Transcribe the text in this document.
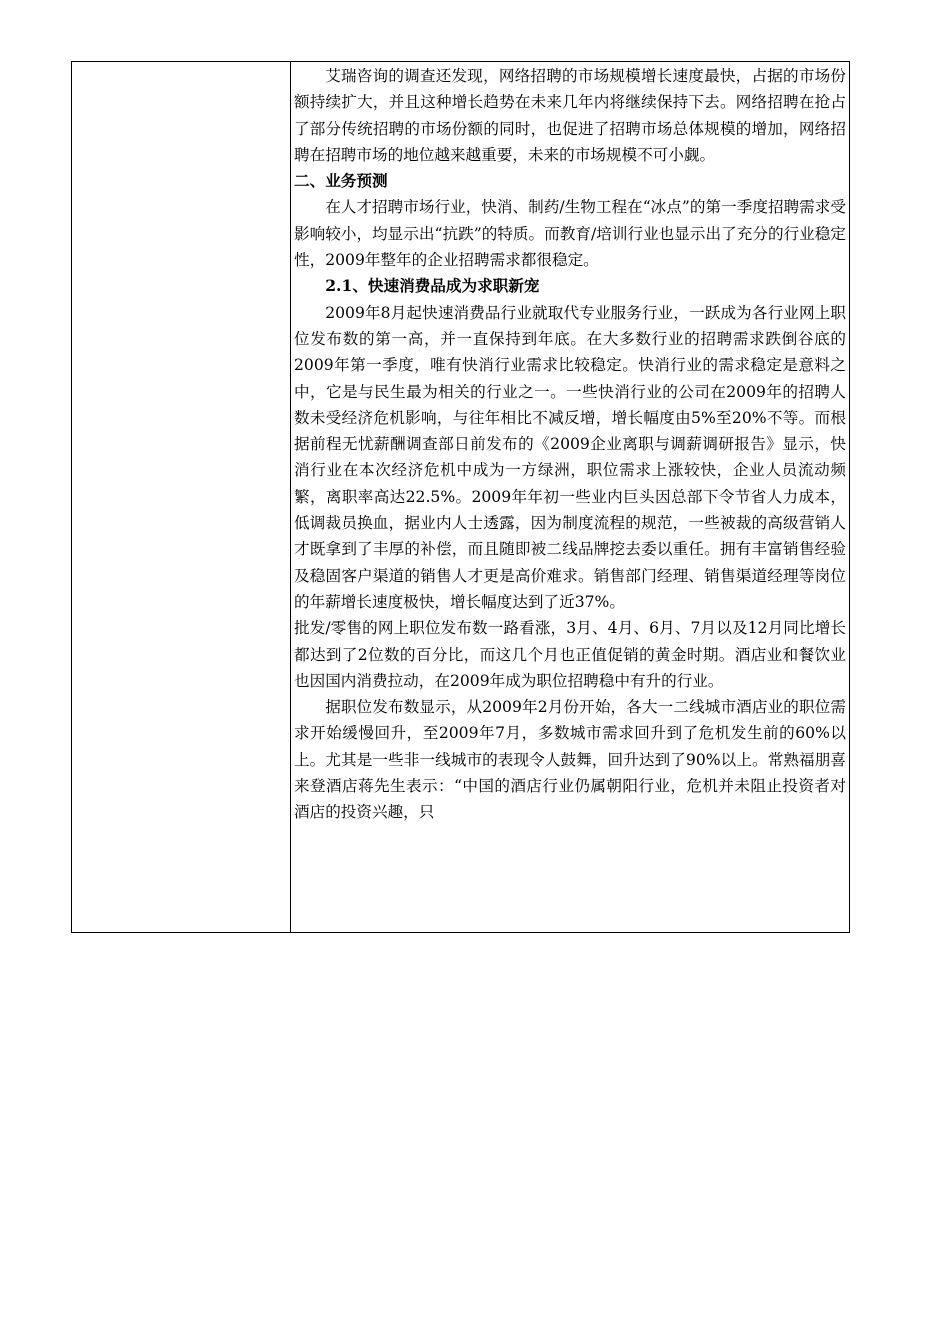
艾瑞咨询的调查还发现，网络招聘的市场规模增长速度最快，占据的市场份额持续扩大，并且这种增长趋势在未来几年内将继续保持下去。网络招聘在抢占了部分传统招聘的市场份额的同时，也促进了招聘市场总体规模的增加，网络招聘在招聘市场的地位越来越重要，未来的市场规模不可小觑。

二、业务预测

在人才招聘市场行业，快消、制药/生物工程在“冰点”的第一季度招聘需求受影响较小，均显示出“抗跌”的特质。而教育/培训行业也显示出了充分的行业稳定性，2009年整年的企业招聘需求都很稳定。

2.1、快速消费品成为求职新宠

2009年8月起快速消费品行业就取代专业服务行业，一跃成为各行业网上职位发布数的第一高，并一直保持到年底。在大多数行业的招聘需求跌倒谷底的2009年第一季度，唯有快消行业需求比较稳定。快消行业的需求稳定是意料之中，它是与民生最为相关的行业之一。一些快消行业的公司在2009年的招聘人数未受经济危机影响，与往年相比不减反增，增长幅度由5%至20%不等。而根据前程无忧薪酬调查部日前发布的《2009企业离职与调薪调研报告》显示，快消行业在本次经济危机中成为一方绿洲，职位需求上涨较快，企业人员流动频繁，离职率高达22.5%。2009年年初一些业内巨头因总部下令节省人力成本，低调裁员换血，据业内人士透露，因为制度流程的规范，一些被裁的高级营销人才既拿到了丰厚的补偿，而且随即被二线品牌挖去委以重任。拥有丰富销售经验及稳固客户渠道的销售人才更是高价难求。销售部门经理、销售渠道经理等岗位的年薪增长速度极快，增长幅度达到了近37%。

批发/零售的网上职位发布数一路看涨，3月、4月、6月、7月以及12月同比增长都达到了2位数的百分比，而这几个月也正值促销的黄金时期。酒店业和餐饮业也因国内消费拉动，在2009年成为职位招聘稳中有升的行业。

据职位发布数显示，从2009年2月份开始，各大一二线城市酒店业的职位需求开始缓慢回升，至2009年7月，多数城市需求回升到了危机发生前的60%以上。尤其是一些非一线城市的表现令人鼓舞，回升达到了90%以上。常熟福朋喜来登酒店蒋先生表示：“中国的酒店行业仍属朝阳行业，危机并未阻止投资者对酒店的投资兴趣，只
